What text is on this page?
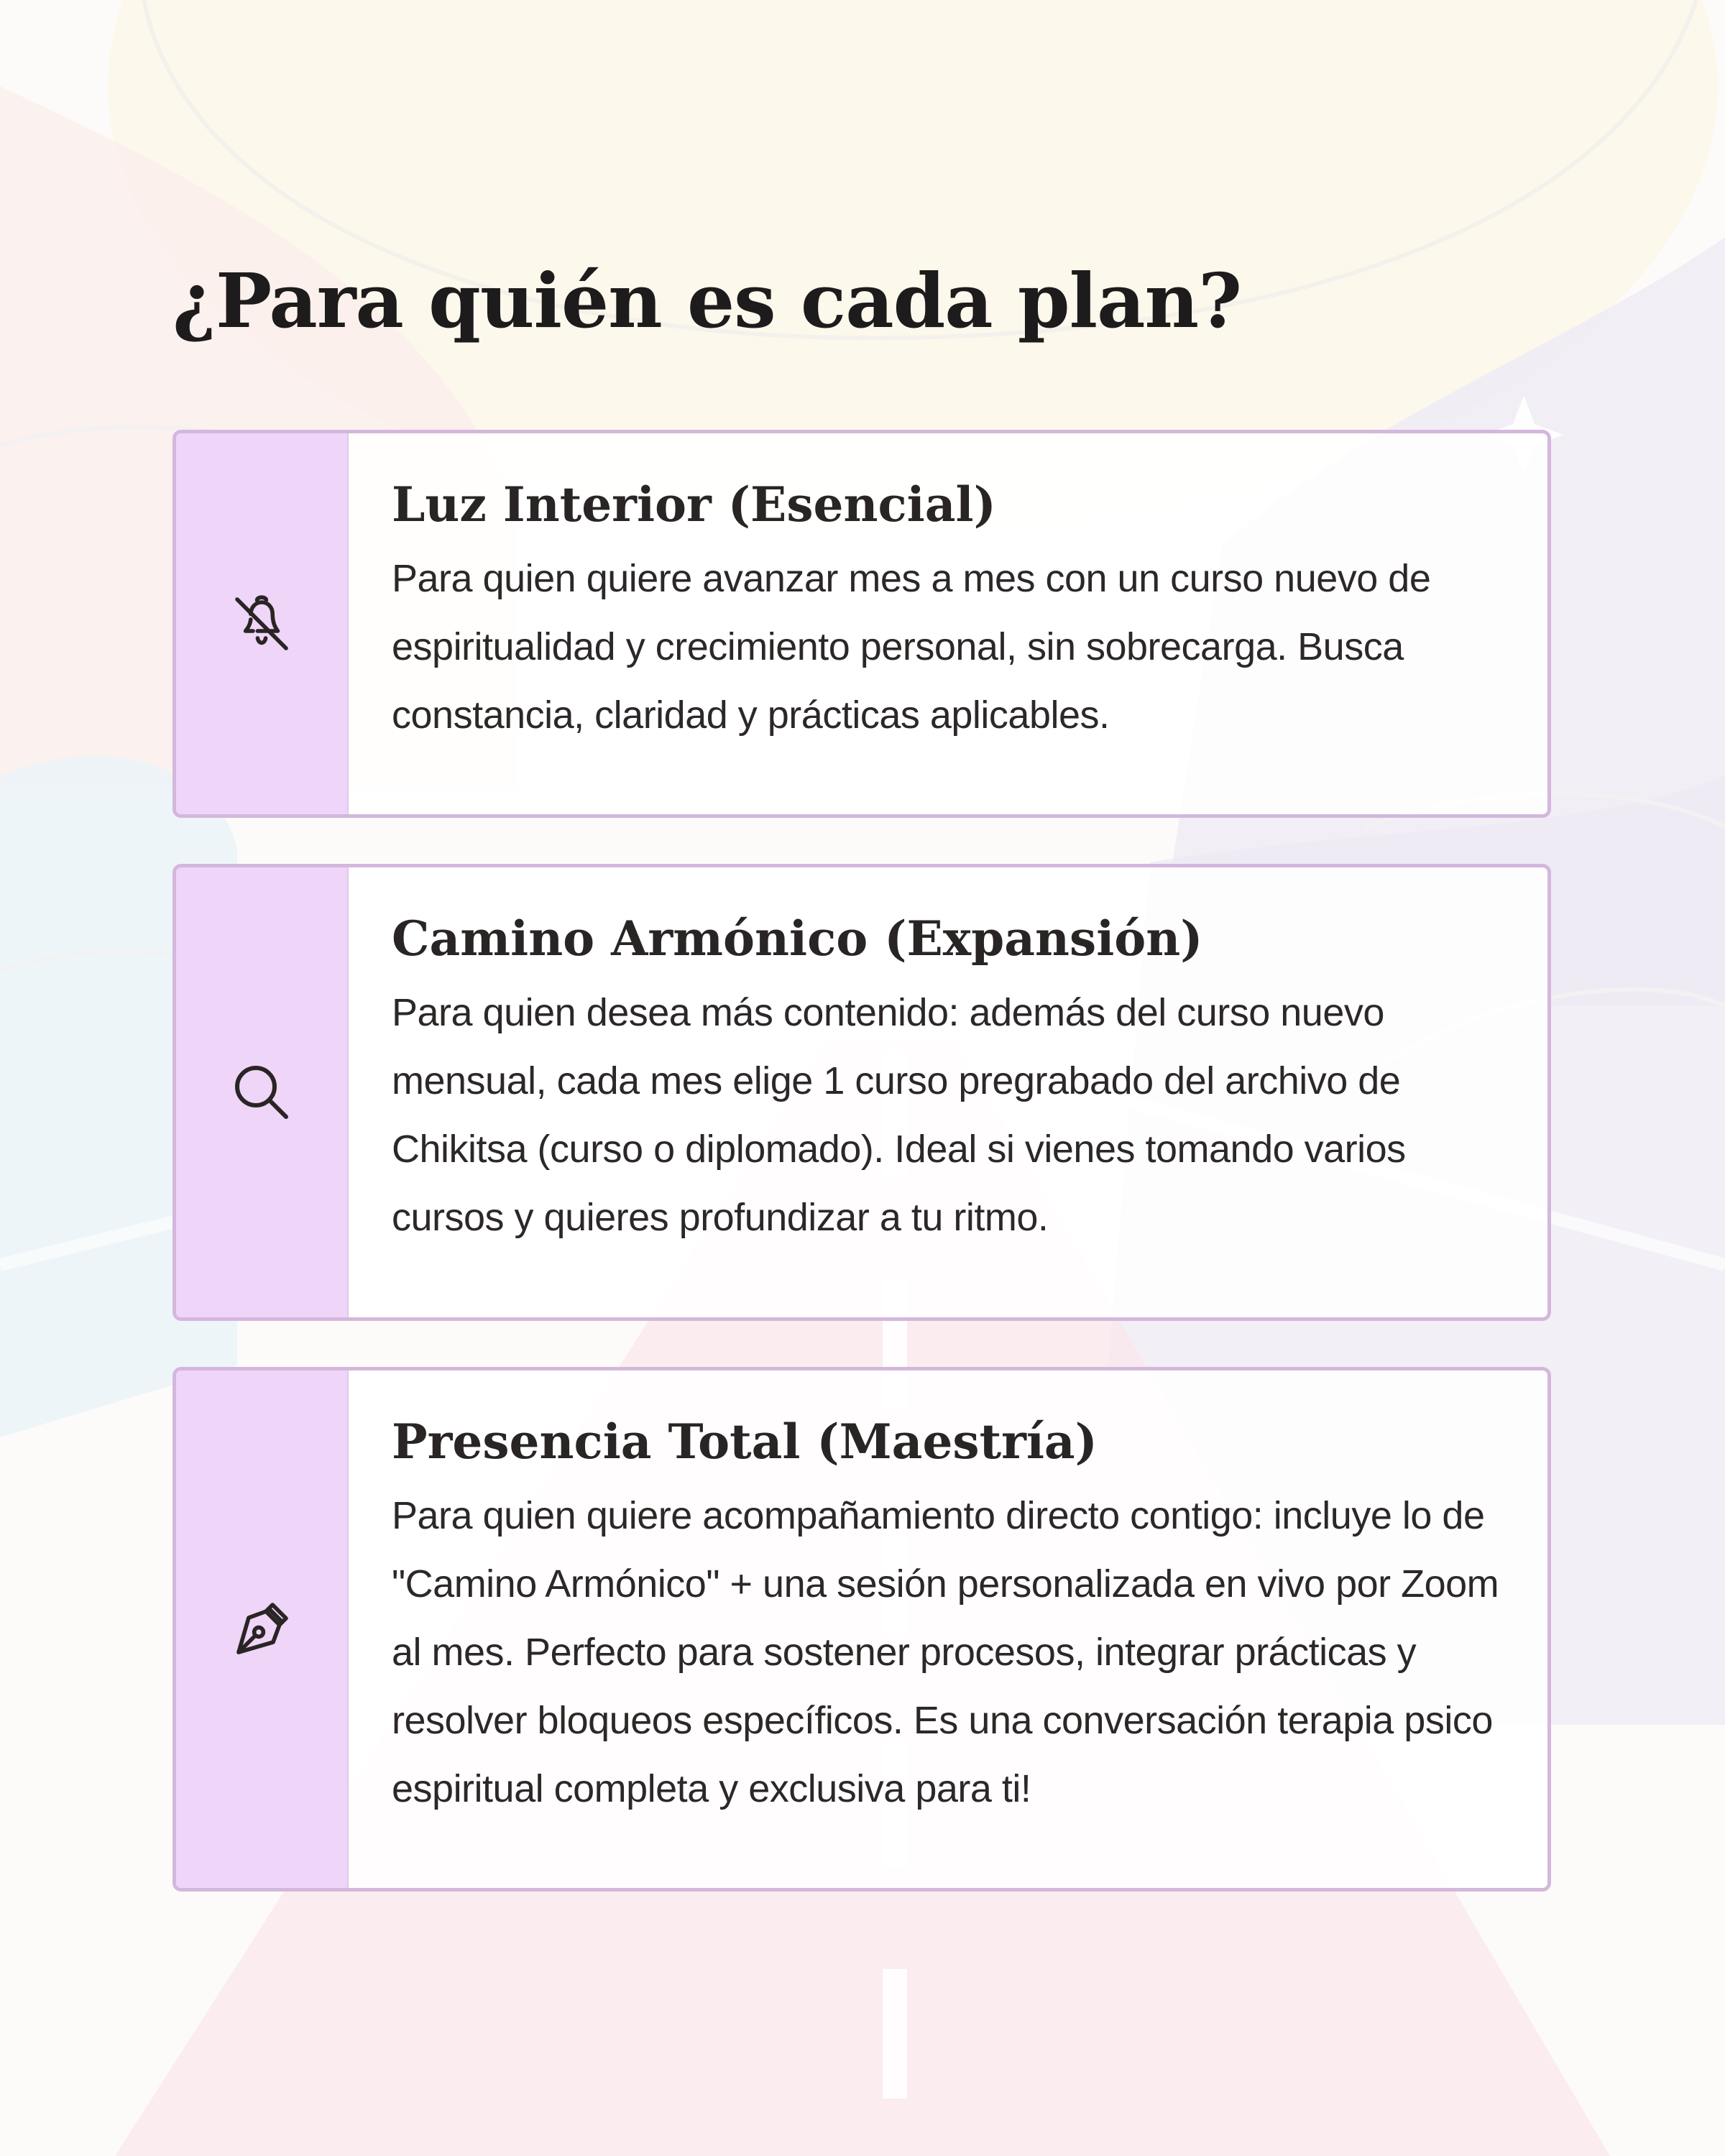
¿Para quién es cada plan?
Luz Interior (Esencial)

Para quien quiere avanzar mes a mes con un curso nuevo de espiritualidad y crecimiento personal, sin sobrecarga. Busca constancia, claridad y prácticas aplicables.

Camino Armónico (Expansión)

Para quien desea más contenido: además del curso nuevo mensual, cada mes elige 1 curso pregrabado del archivo de Chikitsa (curso o diplomado). Ideal si vienes tomando varios cursos y quieres profundizar a tu ritmo.

Presencia Total (Maestría)

Para quien quiere acompañamiento directo contigo: incluye lo de "Camino Armónico" + una sesión personalizada en vivo por Zoom al mes. Perfecto para sostener procesos, integrar prácticas y resolver bloqueos específicos. Es una conversación terapia psico espiritual completa y exclusiva para ti!
